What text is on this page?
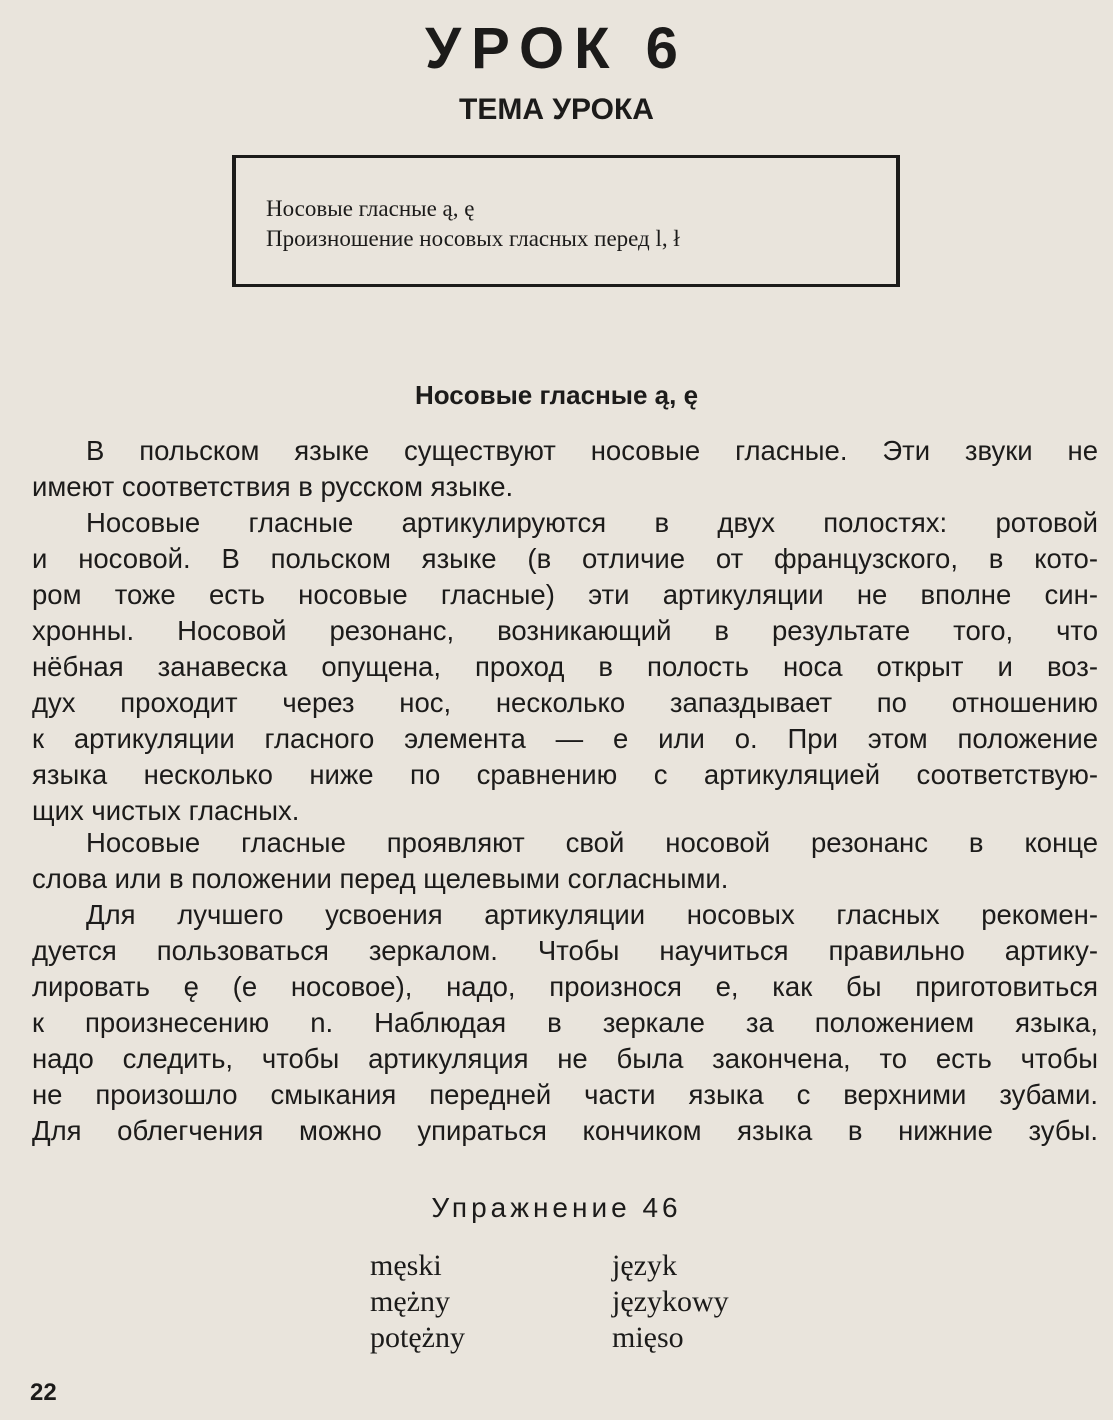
УРОК 6
ТЕМА УРОКА
Носовые гласные ą, ę
Произношение носовых гласных перед l, ł
Носовые гласные ą, ę
В польском языке существуют носовые гласные. Эти звуки не
имеют соответствия в русском языке.
Носовые гласные артикулируются в двух полостях: ротовой
и носовой. В польском языке (в отличие от французского, в кото-
ром тоже есть носовые гласные) эти артикуляции не вполне син-
хронны. Носовой резонанс, возникающий в результате того, что
нёбная занавеска опущена, проход в полость носа открыт и воз-
дух проходит через нос, несколько запаздывает по отношению
к артикуляции гласного элемента — е или о. При этом положение
языка несколько ниже по сравнению с артикуляцией соответствую-
щих чистых гласных.
Носовые гласные проявляют свой носовой резонанс в конце
слова или в положении перед щелевыми согласными.
Для лучшего усвоения артикуляции носовых гласных рекомен-
дуется пользоваться зеркалом. Чтобы научиться правильно артику-
лировать ę (е носовое), надо, произнося е, как бы приготовиться
к произнесению n. Наблюдая в зеркале за положением языка,
надо следить, чтобы артикуляция не была закончена, то есть чтобы
не произошло смыкания передней части языка с верхними зубами.
Для облегчения можно упираться кончиком языка в нижние зубы.
Упражнение 46
męski
mężny
potężny
język
językowy
mięso
22
